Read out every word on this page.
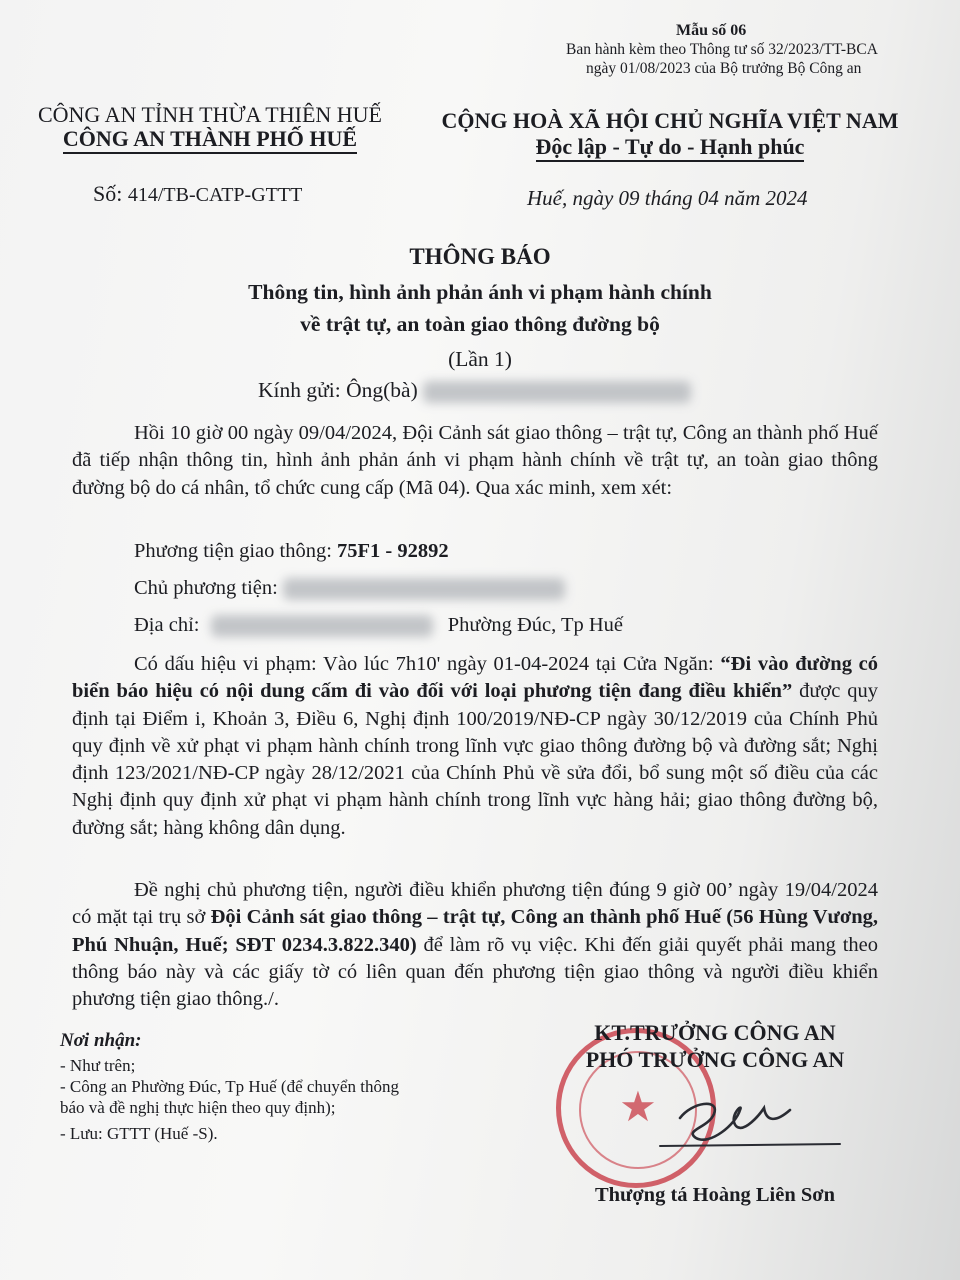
Mẫu số 06
Ban hành kèm theo Thông tư số 32/2023/TT-BCA
ngày 01/08/2023 của Bộ trưởng Bộ Công an
CÔNG AN TỈNH THỪA THIÊN HUẾ
CÔNG AN THÀNH PHỐ HUẾ
Số: 414/TB-CATP-GTTT
CỘNG HOÀ XÃ HỘI CHỦ NGHĨA VIỆT NAM
Độc lập - Tự do - Hạnh phúc
Huế, ngày 09 tháng 04 năm 2024
THÔNG BÁO
Thông tin, hình ảnh phản ánh vi phạm hành chính
về trật tự, an toàn giao thông đường bộ
(Lần 1)
Kính gửi: Ông(bà)

Hồi 10 giờ 00 ngày 09/04/2024, Đội Cảnh sát giao thông – trật tự, Công an thành phố Huế đã tiếp nhận thông tin, hình ảnh phản ánh vi phạm hành chính về trật tự, an toàn giao thông đường bộ do cá nhân, tổ chức cung cấp (Mã 04). Qua xác minh, xem xét:

Phương tiện giao thông: 75F1 - 92892
Chủ phương tiện:
Địa chỉ:	Phường Đúc, Tp Huế

Có dấu hiệu vi phạm: Vào lúc 7h10' ngày 01-04-2024 tại Cửa Ngăn: “Đi vào đường có biển báo hiệu có nội dung cấm đi vào đối với loại phương tiện đang điều khiển” được quy định tại Điểm i, Khoản 3, Điều 6, Nghị định 100/2019/NĐ-CP ngày 30/12/2019 của Chính Phủ quy định về xử phạt vi phạm hành chính trong lĩnh vực giao thông đường bộ và đường sắt; Nghị định 123/2021/NĐ-CP ngày 28/12/2021 của Chính Phủ về sửa đổi, bổ sung một số điều của các Nghị định quy định xử phạt vi phạm hành chính trong lĩnh vực hàng hải; giao thông đường bộ, đường sắt; hàng không dân dụng.

Đề nghị chủ phương tiện, người điều khiển phương tiện đúng 9 giờ 00’ ngày 19/04/2024 có mặt tại trụ sở Đội Cảnh sát giao thông – trật tự, Công an thành phố Huế (56 Hùng Vương, Phú Nhuận, Huế; SĐT 0234.3.822.340) để làm rõ vụ việc. Khi đến giải quyết phải mang theo thông báo này và các giấy tờ có liên quan đến phương tiện giao thông và người điều khiển phương tiện giao thông./.

Nơi nhận:
- Như trên;
- Công an Phường Đúc, Tp Huế (để chuyển thông
báo và đề nghị thực hiện theo quy định);
- Lưu: GTTT (Huế -S).
★
KT.TRƯỞNG CÔNG AN
PHÓ TRƯỞNG CÔNG AN
Thượng tá Hoàng Liên Sơn
